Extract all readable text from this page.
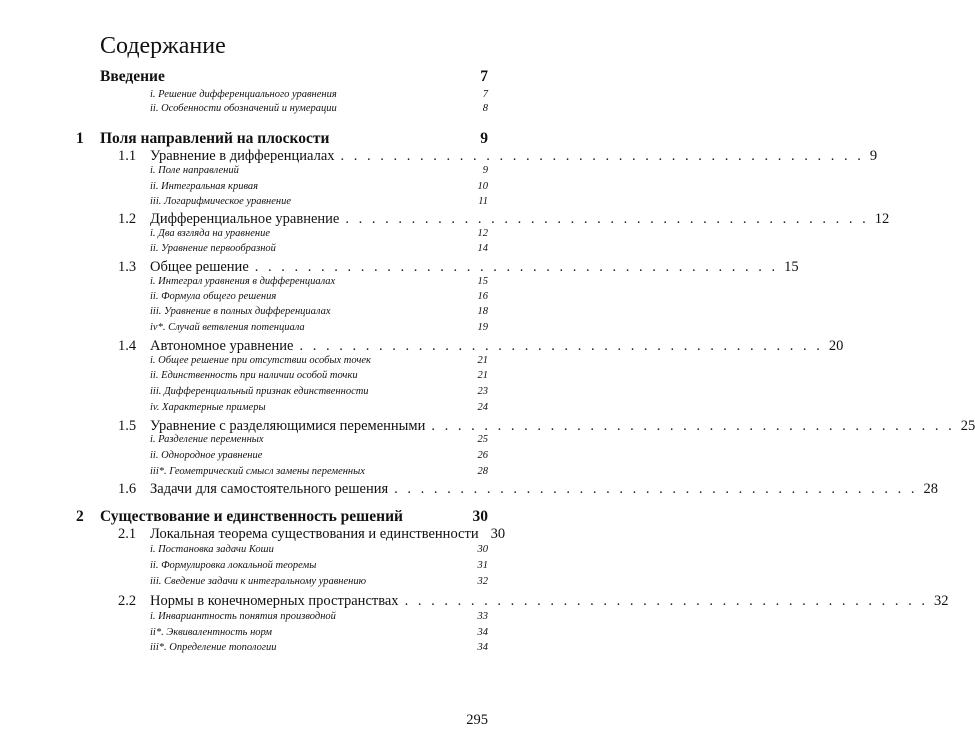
Содержание
Введение	7
i. Решение дифференциального уравнения	7
ii. Особенности обозначений и нумерации	8
1 Поля направлений на плоскости	9
1.1 Уравнение в дифференциалах . . . . . . . . . . . . . . . . . . . . . . . . . . . . . . . . . . . . . . . . 9
i. Поле направлений	9
ii. Интегральная кривая	10
iii. Логарифмическое уравнение	11
1.2 Дифференциальное уравнение . . . . . . . . . . . . . . . . . . . . . . . . . . . . . . . . . . . . . . . . 12
i. Два взгляда на уравнение	12
ii. Уравнение первообразной	14
1.3 Общее решение . . . . . . . . . . . . . . . . . . . . . . . . . . . . . . . . . . . . . . . . 15
i. Интеграл уравнения в дифференциалах	15
ii. Формула общего решения	16
iii. Уравнение в полных дифференциалах	18
iv*. Случай ветвления потенциала	19
1.4 Автономное уравнение . . . . . . . . . . . . . . . . . . . . . . . . . . . . . . . . . . . . . . . . 20
i. Общее решение при отсутствии особых точек	21
ii. Единственность при наличии особой точки	21
iii. Дифференциальный признак единственности	23
iv. Характерные примеры	24
1.5 Уравнение с разделяющимися переменными . . . . . . . . . . . . . . . . . . . . . . . . . . . . . . . . . . . . . . . . 25
i. Разделение переменных	25
ii. Однородное уравнение	26
iii*. Геометрический смысл замены переменных	28
1.6 Задачи для самостоятельного решения . . . . . . . . . . . . . . . . . . . . . . . . . . . . . . . . . . . . . . . . 28
2 Существование и единственность решений	30
2.1 Локальная теорема существования и единственности 30
i. Постановка задачи Коши	30
ii. Формулировка локальной теоремы	31
iii. Сведение задачи к интегральному уравнению	32
2.2 Нормы в конечномерных пространствах . . . . . . . . . . . . . . . . . . . . . . . . . . . . . . . . . . . . . . . . 32
i. Инвариантность понятия производной	33
ii*. Эквивалентность норм	34
iii*. Определение топологии	34
295
